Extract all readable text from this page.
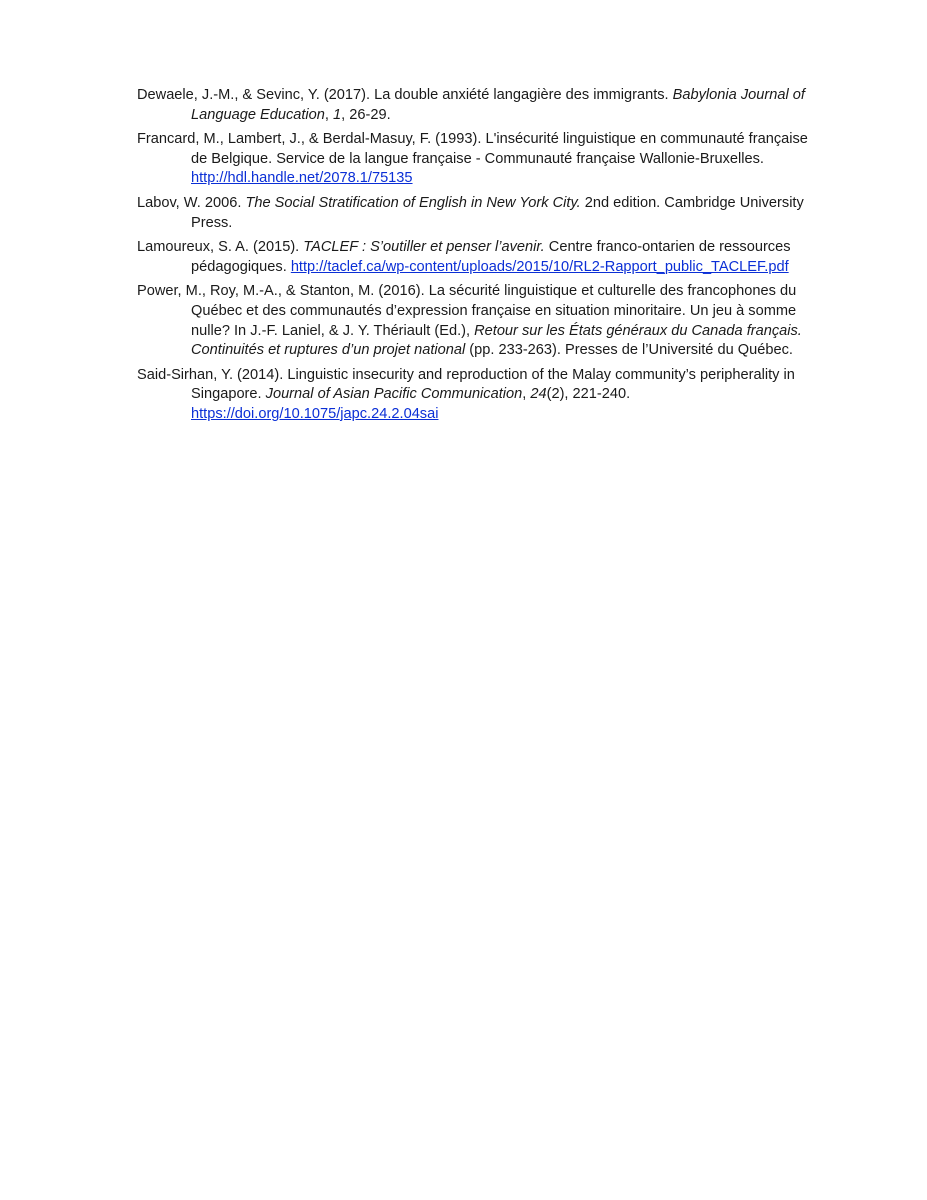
Dewaele, J.-M., & Sevinc, Y. (2017). La double anxiété langagière des immigrants. Babylonia Journal of Language Education, 1, 26-29.

Francard, M., Lambert, J., & Berdal-Masuy, F. (1993). L'insécurité linguistique en communauté française de Belgique. Service de la langue française - Communauté française Wallonie-Bruxelles. http://hdl.handle.net/2078.1/75135

Labov, W. 2006. The Social Stratification of English in New York City. 2nd edition. Cambridge University Press.

Lamoureux, S. A. (2015). TACLEF : S’outiller et penser l’avenir. Centre franco-ontarien de ressources pédagogiques. http://taclef.ca/wp-content/uploads/2015/10/RL2-Rapport_public_TACLEF.pdf

Power, M., Roy, M.-A., & Stanton, M. (2016). La sécurité linguistique et culturelle des francophones du Québec et des communautés d’expression française en situation minoritaire. Un jeu à somme nulle? In J.-F. Laniel, & J. Y. Thériault (Ed.), Retour sur les États généraux du Canada français. Continuités et ruptures d’un projet national (pp. 233-263). Presses de l’Université du Québec.

Said-Sirhan, Y. (2014). Linguistic insecurity and reproduction of the Malay community’s peripherality in Singapore. Journal of Asian Pacific Communication, 24(2), 221-240. https://doi.org/10.1075/japc.24.2.04sai
